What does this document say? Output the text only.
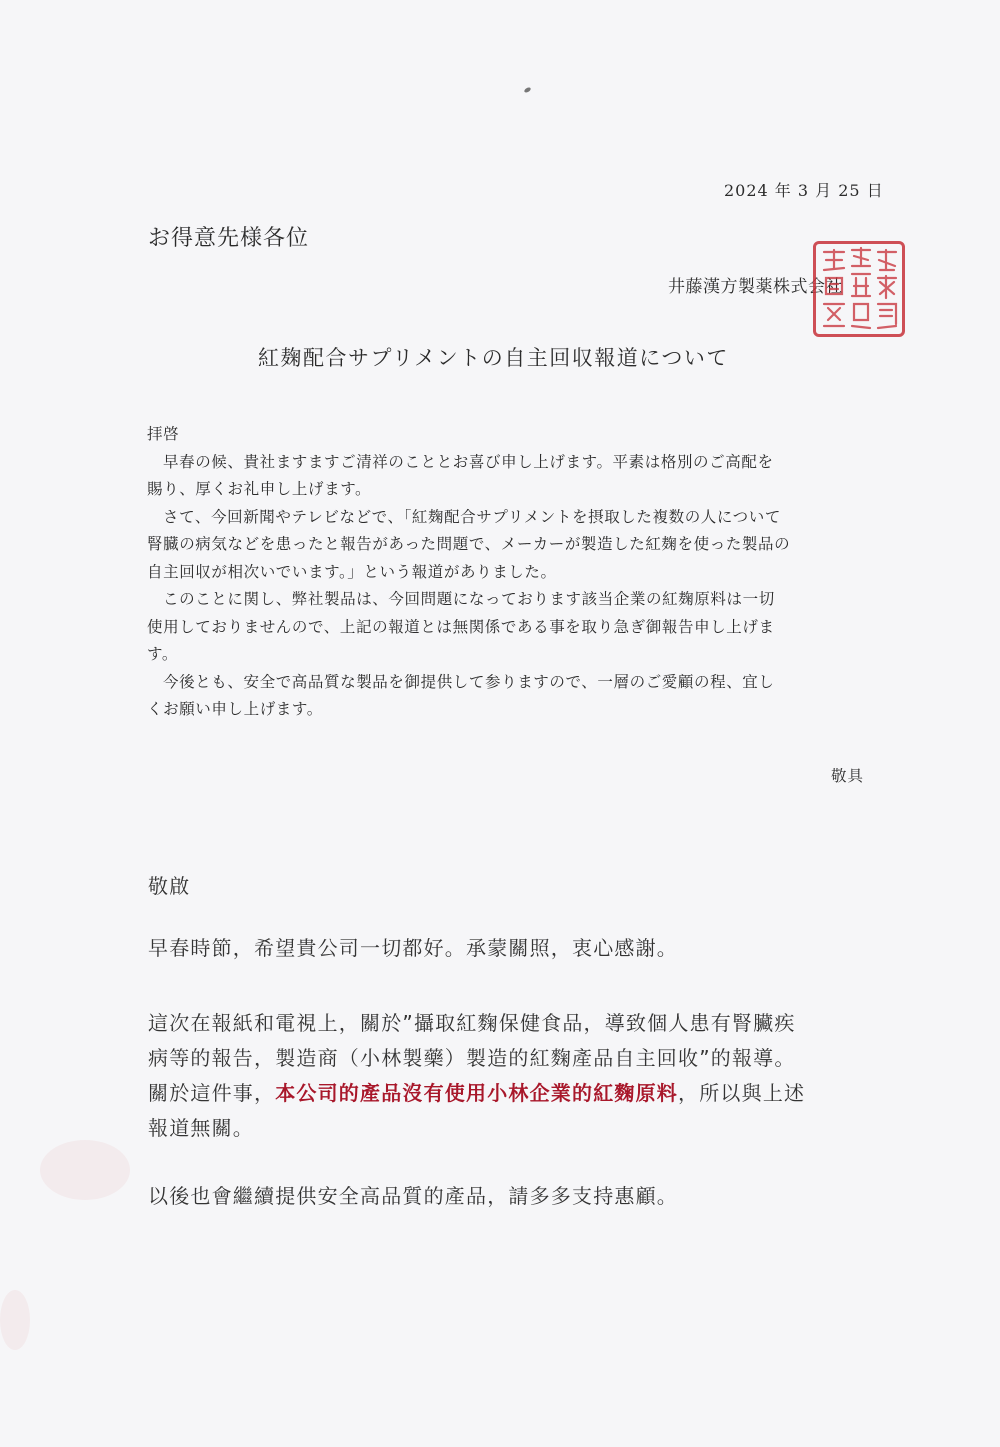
2024 年 3 月 25 日
お得意先様各位
井藤漢方製薬株式会社
紅麹配合サプリメントの自主回収報道について
拝啓
早春の候、貴社ますますご清祥のこととお喜び申し上げます。平素は格別のご高配を
賜り、厚くお礼申し上げます。
さて、今回新聞やテレビなどで、「紅麹配合サプリメントを摂取した複数の人について
腎臓の病気などを患ったと報告があった問題で、メーカーが製造した紅麹を使った製品の
自主回収が相次いでいます。」という報道がありました。
このことに関し、弊社製品は、今回問題になっております該当企業の紅麹原料は一切
使用しておりませんので、上記の報道とは無関係である事を取り急ぎ御報告申し上げま
す。
今後とも、安全で高品質な製品を御提供して参りますので、一層のご愛顧の程、宜し
くお願い申し上げます。
敬具
敬啟
早春時節，希望貴公司一切都好。承蒙關照，衷心感謝。
這次在報紙和電視上，關於”攝取紅麴保健食品，導致個人患有腎臟疾
病等的報告，製造商（小林製藥）製造的紅麴產品自主回收”的報導。
關於這件事，本公司的產品沒有使用小林企業的紅麴原料，所以與上述
報道無關。
以後也會繼續提供安全高品質的產品，請多多支持惠顧。
